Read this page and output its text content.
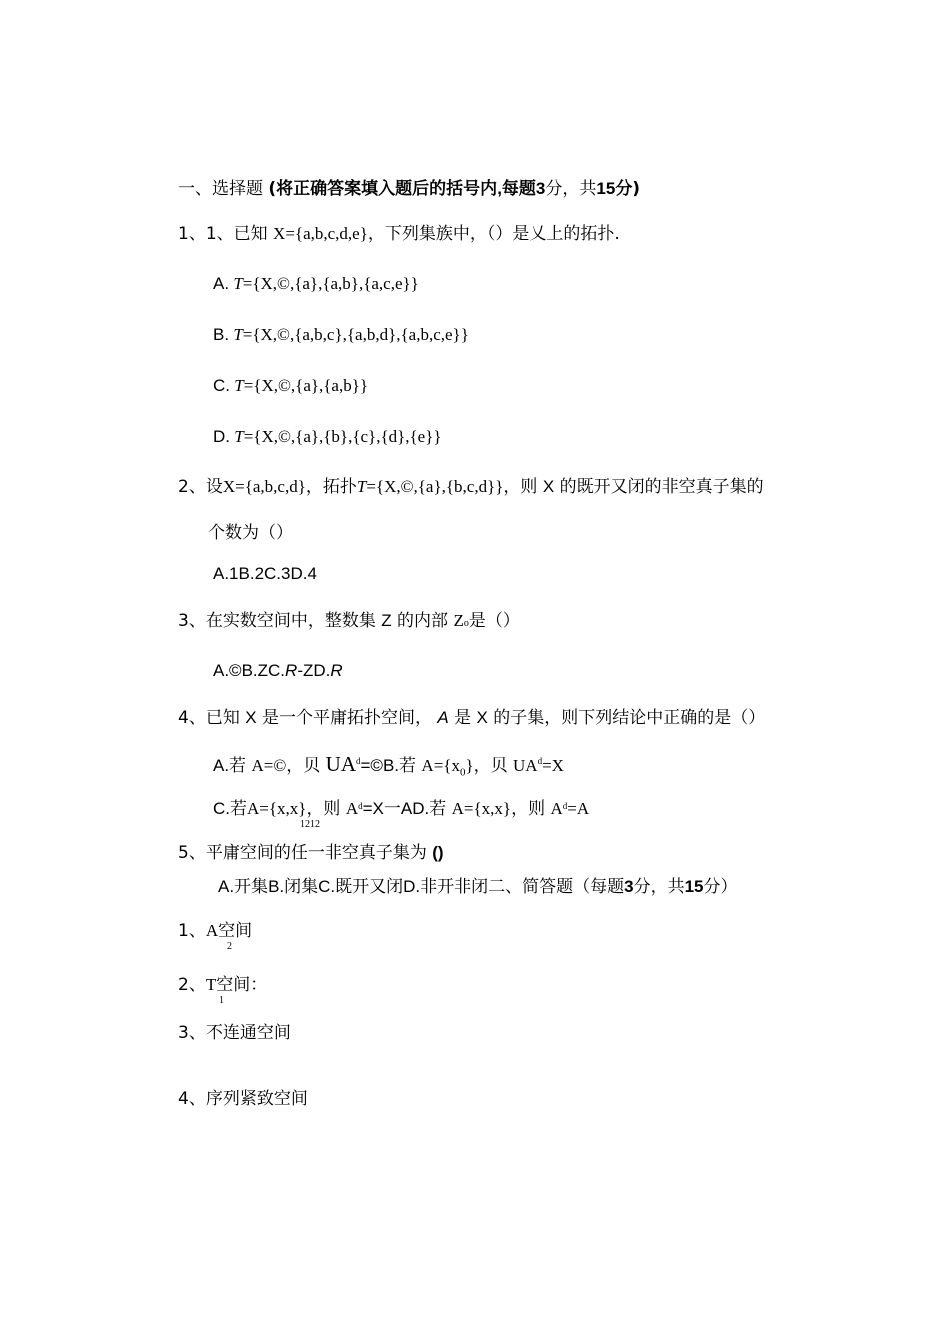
一、选择题 (将正确答案填入题后的括号内,每题3分，共15分)
1、1、已知 X={a,b,c,d,e}，下列集族中，（）是乂上的拓扑.
A. T={X,©,{a},{a,b},{a,c,e}}
B. T={X,©,{a,b,c},{a,b,d},{a,b,c,e}}
C. T={X,©,{a},{a,b}}
D. T={X,©,{a},{b},{c},{d},{e}}
2、设X={a,b,c,d}，拓扑T={X,©,{a},{b,c,d}}，则 X 的既开又闭的非空真子集的
个数为（）
A.1B.2C.3D.4
3、在实数空间中，整数集 Z 的内部 Zo是（）
A.©B.ZC.R-ZD.R
4、已知 X 是一个平庸拓扑空间， A 是 X 的子集，则下列结论中正确的是（）
A.若 A=©，贝 $UA^d=©B$.若 $A=\{x_0\}$，贝 $UA^d=X$
C.若A={x,x}，则 $A^d=X$一AD.若 A={x,x}，则 $A^d=A$
1212
5、平庸空间的任一非空真子集为 ()
A.开集B.闭集C.既开又闭D.非开非闭二、简答题（每题3分，共15分）
1、A空间
2
2、T空间：
1
3、不连通空间
4、序列紧致空间
